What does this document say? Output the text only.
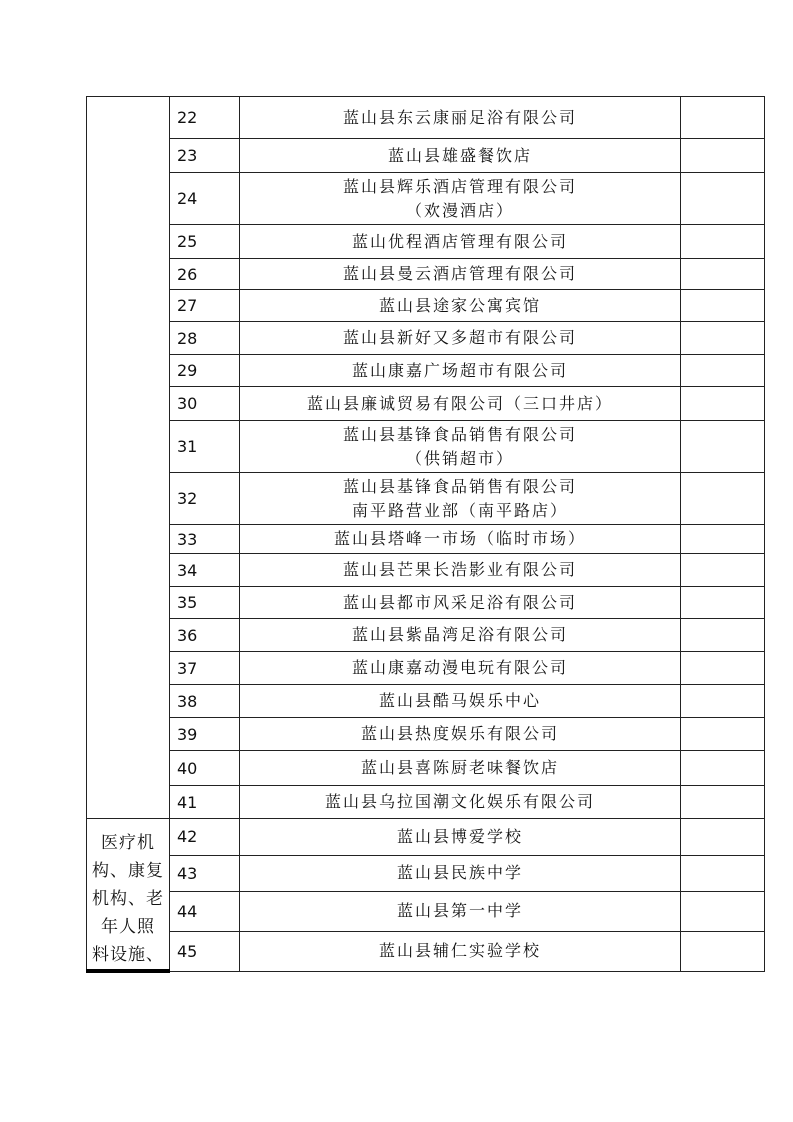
	22	蓝山县东云康丽足浴有限公司	

	23	蓝山县雄盛餐饮店	

	24	蓝山县辉乐酒店管理有限公司
（欢漫酒店）	

	25	蓝山优程酒店管理有限公司	

	26	蓝山县曼云酒店管理有限公司	

	27	蓝山县途家公寓宾馆	

	28	蓝山县新好又多超市有限公司	

	29	蓝山康嘉广场超市有限公司	

	30	蓝山县廉诚贸易有限公司（三口井店）	

	31	蓝山县基锋食品销售有限公司
（供销超市）	

	32	蓝山县基锋食品销售有限公司
南平路营业部（南平路店）	

	33	蓝山县塔峰一市场（临时市场）	

	34	蓝山县芒果长浩影业有限公司	

	35	蓝山县都市风采足浴有限公司	

	36	蓝山县紫晶湾足浴有限公司	

	37	蓝山康嘉动漫电玩有限公司	

	38	蓝山县酷马娱乐中心	

	39	蓝山县热度娱乐有限公司	

	40	蓝山县喜陈厨老味餐饮店	

	41	蓝山县乌拉国潮文化娱乐有限公司	

医疗机
构、康复
机构、老
年人照
料设施、	42	蓝山县博爱学校	

	43	蓝山县民族中学	

	44	蓝山县第一中学	

	45	蓝山县辅仁实验学校	
